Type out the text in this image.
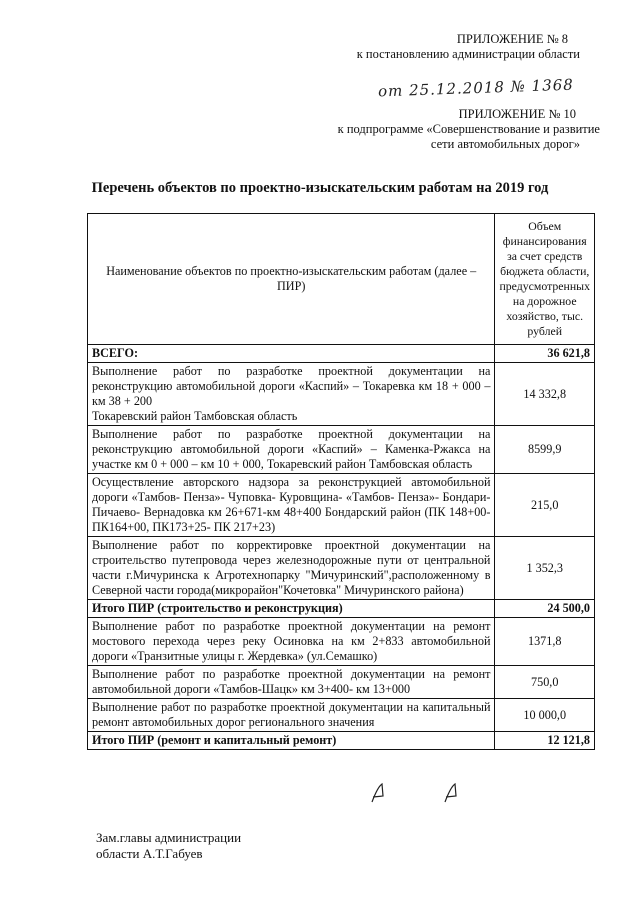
ПРИЛОЖЕНИЕ № 8
к постановлению администрации области
от 25.12.2018 № 1368
ПРИЛОЖЕНИЕ № 10
к подпрограмме «Совершенствование и развитие
сети автомобильных дорог»
Перечень объектов по проектно-изыскательским работам на 2019 год
Наименование объектов по проектно-изыскательским работам (далее – ПИР)	Объем финансирования за счет средств бюджета области, предусмотренных на дорожное хозяйство, тыс. рублей
ВСЕГО:	36 621,8

Выполнение работ по разработке проектной документации на реконструкцию автомобильной дороги «Каспий» – Токаревка км 18 + 000 – км 38 + 200
Токаревский район Тамбовская область	14 332,8
Выполнение работ по разработке проектной документации на реконструкцию автомобильной дороги «Каспий» – Каменка-Ржакса на участке км 0 + 000 – км 10 + 000, Токаревский район Тамбовская область	8599,9
Осуществление авторского надзора за реконструкцией автомобильной дороги «Тамбов- Пенза»- Чуповка- Куровщина- «Тамбов- Пенза»- Бондари- Пичаево- Вернадовка км 26+671-км 48+400 Бондарский район (ПК 148+00- ПК164+00, ПК173+25- ПК 217+23)	215,0
Выполнение работ по корректировке проектной документации на строительство путепровода через железнодорожные пути от центральной части г.Мичуринска к Агротехнопарку "Мичуринский",расположенному в Северной части города(микрорайон"Кочетовка" Мичуринского района)	1 352,3
Итого ПИР (строительство и реконструкция)	24 500,0
Выполнение работ по разработке проектной документации на ремонт мостового перехода через реку Осиновка на км 2+833 автомобильной дороги «Транзитные улицы г. Жердевка» (ул.Семашко)	1371,8
Выполнение работ по разработке проектной документации на ремонт автомобильной дороги «Тамбов-Шацк» км 3+400- км 13+000	750,0
Выполнение работ по разработке проектной документации на капитальный ремонт автомобильных дорог регионального значения	10 000,0
Итого ПИР (ремонт и капитальный ремонт)	12 121,8
Зам.главы администрации
области А.Т.Габуев
